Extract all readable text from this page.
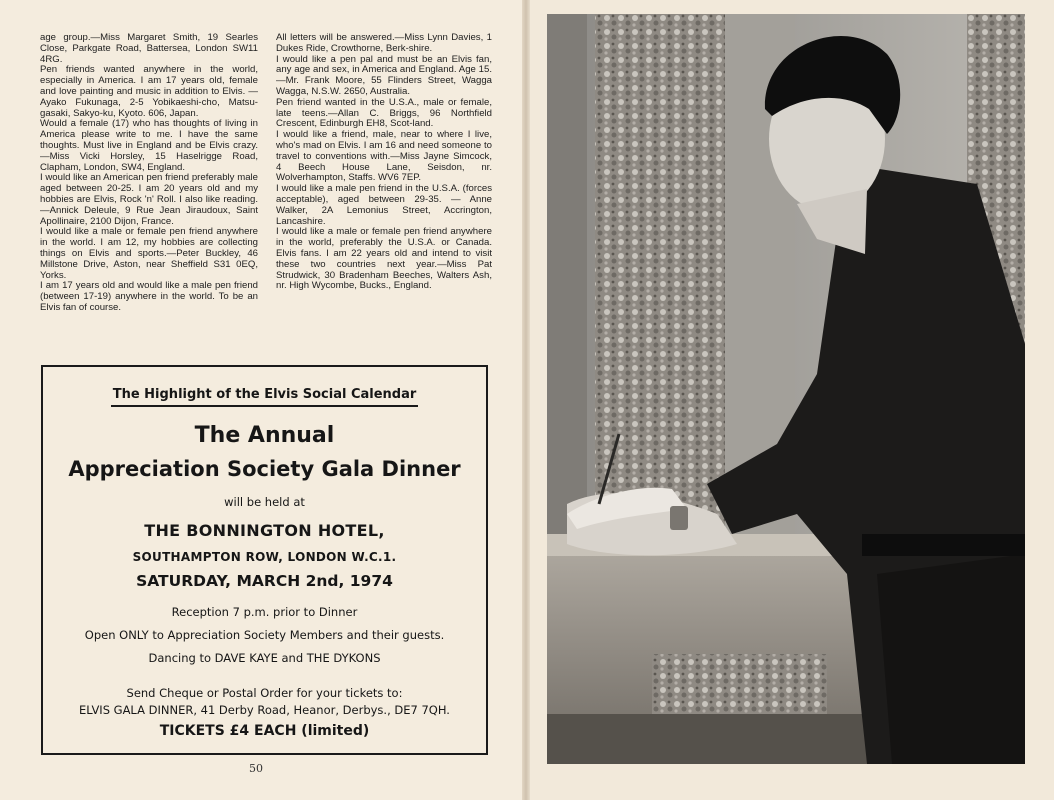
age group.—Miss Margaret Smith, 19 Searles Close, Parkgate Road, Battersea, London SW11 4RG.

Pen friends wanted anywhere in the world, especially in America. I am 17 years old, female and love painting and music in addition to Elvis. — Ayako Fukunaga, 2-5 Yobikaeshi-cho, Matsu-gasaki, Sakyo-ku, Kyoto. 606, Japan.

Would a female (17) who has thoughts of living in America please write to me. I have the same thoughts. Must live in England and be Elvis crazy.—Miss Vicki Horsley, 15 Haselrigge Road, Clapham, London, SW4, England.

I would like an American pen friend preferably male aged between 20-25. I am 20 years old and my hobbies are Elvis, Rock 'n' Roll. I also like reading. —Annick Deleule, 9 Rue Jean Jiraudoux, Saint Apollinaire, 2100 Dijon, France.

I would like a male or female pen friend anywhere in the world. I am 12, my hobbies are collecting things on Elvis and sports.—Peter Buckley, 46 Millstone Drive, Aston, near Sheffield S31 0EQ, Yorks.

I am 17 years old and would like a male pen friend (between 17-19) anywhere in the world. To be an Elvis fan of course.

All letters will be answered.—Miss Lynn Davies, 1 Dukes Ride, Crowthorne, Berk-shire.

I would like a pen pal and must be an Elvis fan, any age and sex, in America and England. Age 15.—Mr. Frank Moore, 55 Flinders Street, Wagga Wagga, N.S.W. 2650, Australia.

Pen friend wanted in the U.S.A., male or female, late teens.—Allan C. Briggs, 96 Northfield Crescent, Edinburgh EH8, Scot-land.

I would like a friend, male, near to where I live, who's mad on Elvis. I am 16 and need someone to travel to conventions with.—Miss Jayne Simcock, 4 Beech House Lane, Seisdon, nr. Wolverhampton, Staffs. WV6 7EP.

I would like a male pen friend in the U.S.A. (forces acceptable), aged between 29-35. — Anne Walker, 2A Lemonius Street, Accrington, Lancashire.

I would like a male or female pen friend anywhere in the world, preferably the U.S.A. or Canada. Elvis fans. I am 22 years old and intend to visit these two countries next year.—Miss Pat Strudwick, 30 Bradenham Beeches, Walters Ash, nr. High Wycombe, Bucks., England.

The Highlight of the Elvis Social Calendar
The Annual
Appreciation Society Gala Dinner
will be held at
THE BONNINGTON HOTEL,
SOUTHAMPTON ROW, LONDON W.C.1.
SATURDAY, MARCH 2nd, 1974
Reception 7 p.m. prior to Dinner
Open ONLY to Appreciation Society Members and their guests.
Dancing to DAVE KAYE and THE DYKONS
Send Cheque or Postal Order for your tickets to:
ELVIS GALA DINNER, 41 Derby Road, Heanor, Derbys., DE7 7QH.
TICKETS £4 EACH (limited)
50
